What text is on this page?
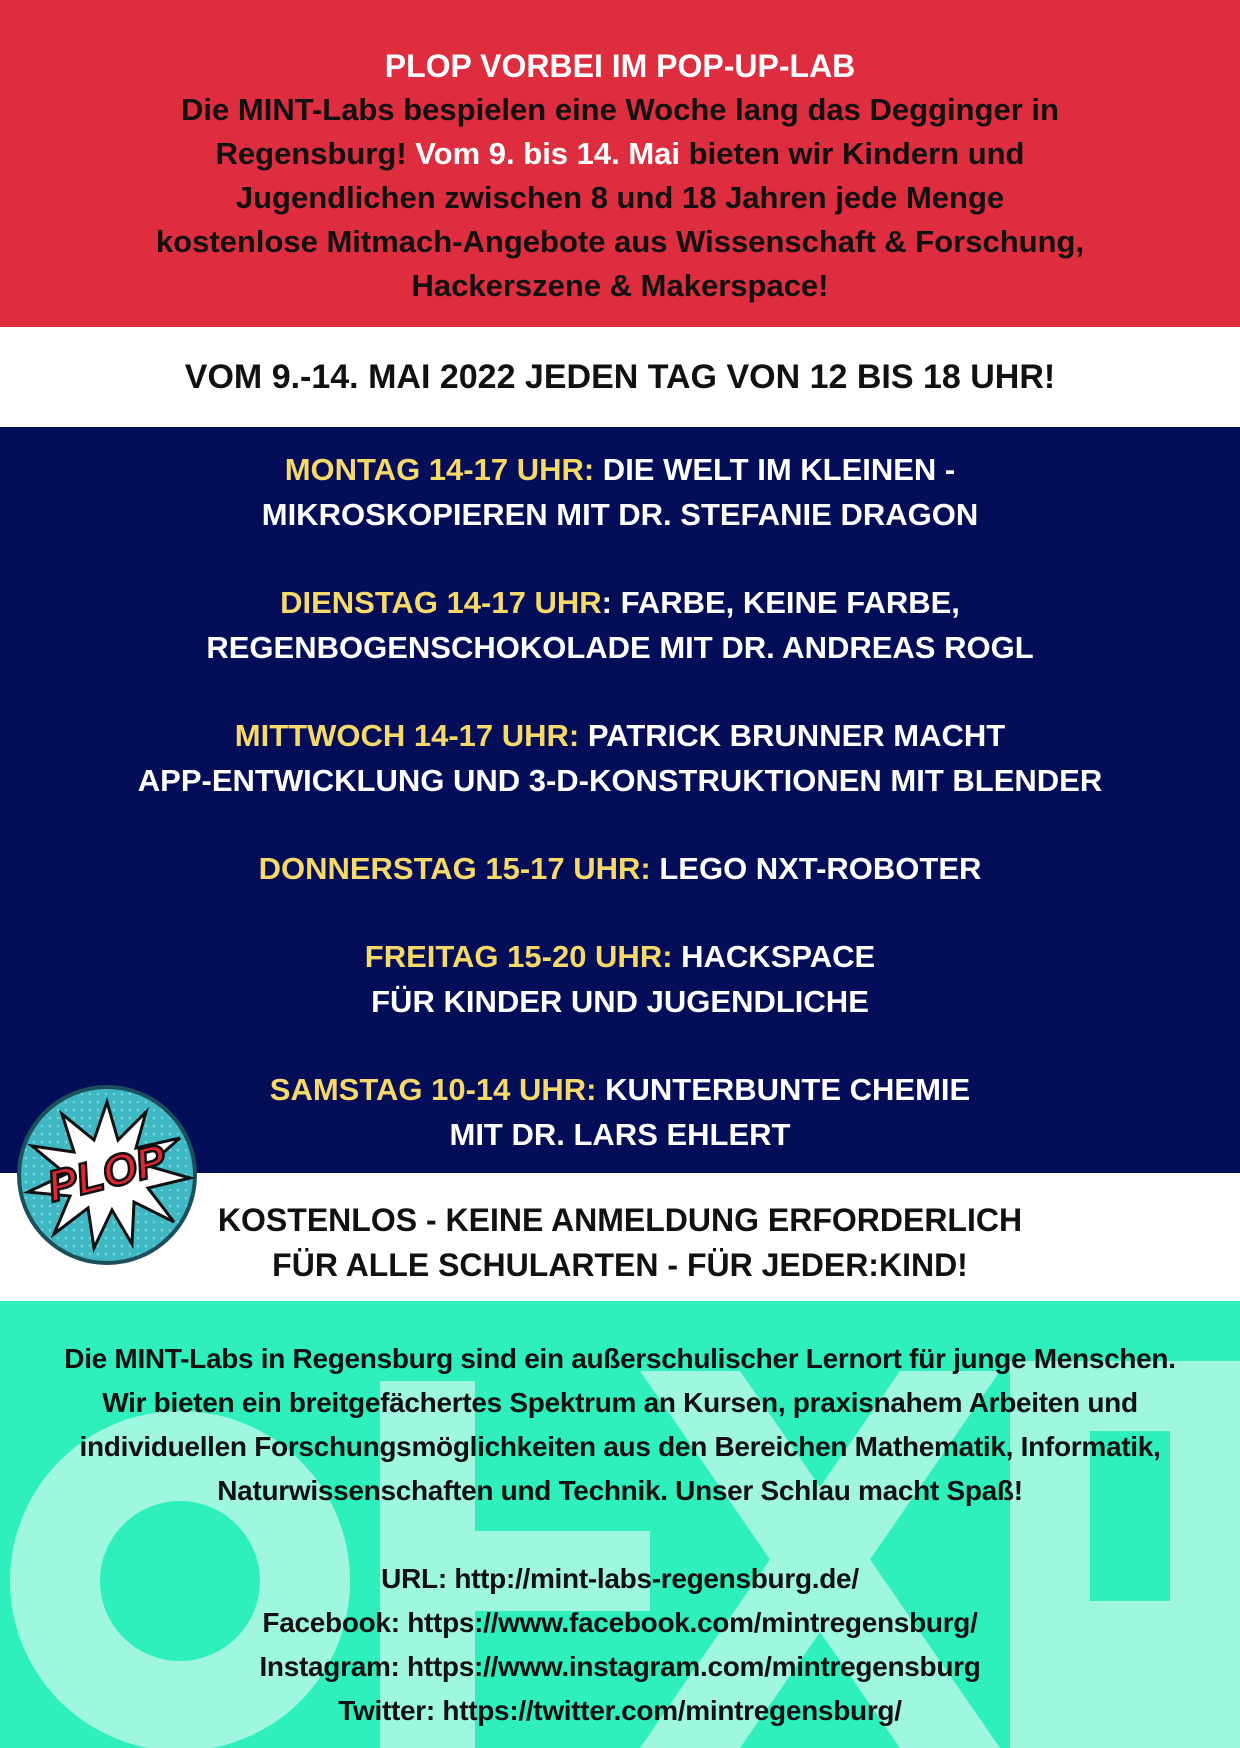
PLOP VORBEI IM POP-UP-LAB
Die MINT-Labs bespielen eine Woche lang das Degginger in
Regensburg! Vom 9. bis 14. Mai bieten wir Kindern und
Jugendlichen zwischen 8 und 18 Jahren jede Menge
kostenlose Mitmach-Angebote aus Wissenschaft & Forschung,
Hackerszene & Makerspace!
VOM 9.-14. MAI 2022 JEDEN TAG VON 12 BIS 18 UHR!
MONTAG 14-17 UHR: DIE WELT IM KLEINEN -
MIKROSKOPIEREN MIT DR. STEFANIE DRAGON
DIENSTAG 14-17 UHR: FARBE, KEINE FARBE,
REGENBOGENSCHOKOLADE MIT DR. ANDREAS ROGL
MITTWOCH 14-17 UHR: PATRICK BRUNNER MACHT
APP-ENTWICKLUNG UND 3-D-KONSTRUKTIONEN MIT BLENDER
DONNERSTAG 15-17 UHR: LEGO NXT-ROBOTER
FREITAG 15-20 UHR: HACKSPACE
FÜR KINDER UND JUGENDLICHE
SAMSTAG 10-14 UHR: KUNTERBUNTE CHEMIE
MIT DR. LARS EHLERT
KOSTENLOS - KEINE ANMELDUNG ERFORDERLICH
FÜR ALLE SCHULARTEN - FÜR JEDER:KIND!
Die MINT-Labs in Regensburg sind ein außerschulischer Lernort für junge Menschen.
Wir bieten ein breitgefächertes Spektrum an Kursen, praxisnahem Arbeiten und
individuellen Forschungsmöglichkeiten aus den Bereichen Mathematik, Informatik,
Naturwissenschaften und Technik. Unser Schlau macht Spaß!
URL: http://mint-labs-regensburg.de/
Facebook: https://www.facebook.com/mintregensburg/
Instagram: https://www.instagram.com/mintregensburg
Twitter: https://twitter.com/mintregensburg/
PLOP
